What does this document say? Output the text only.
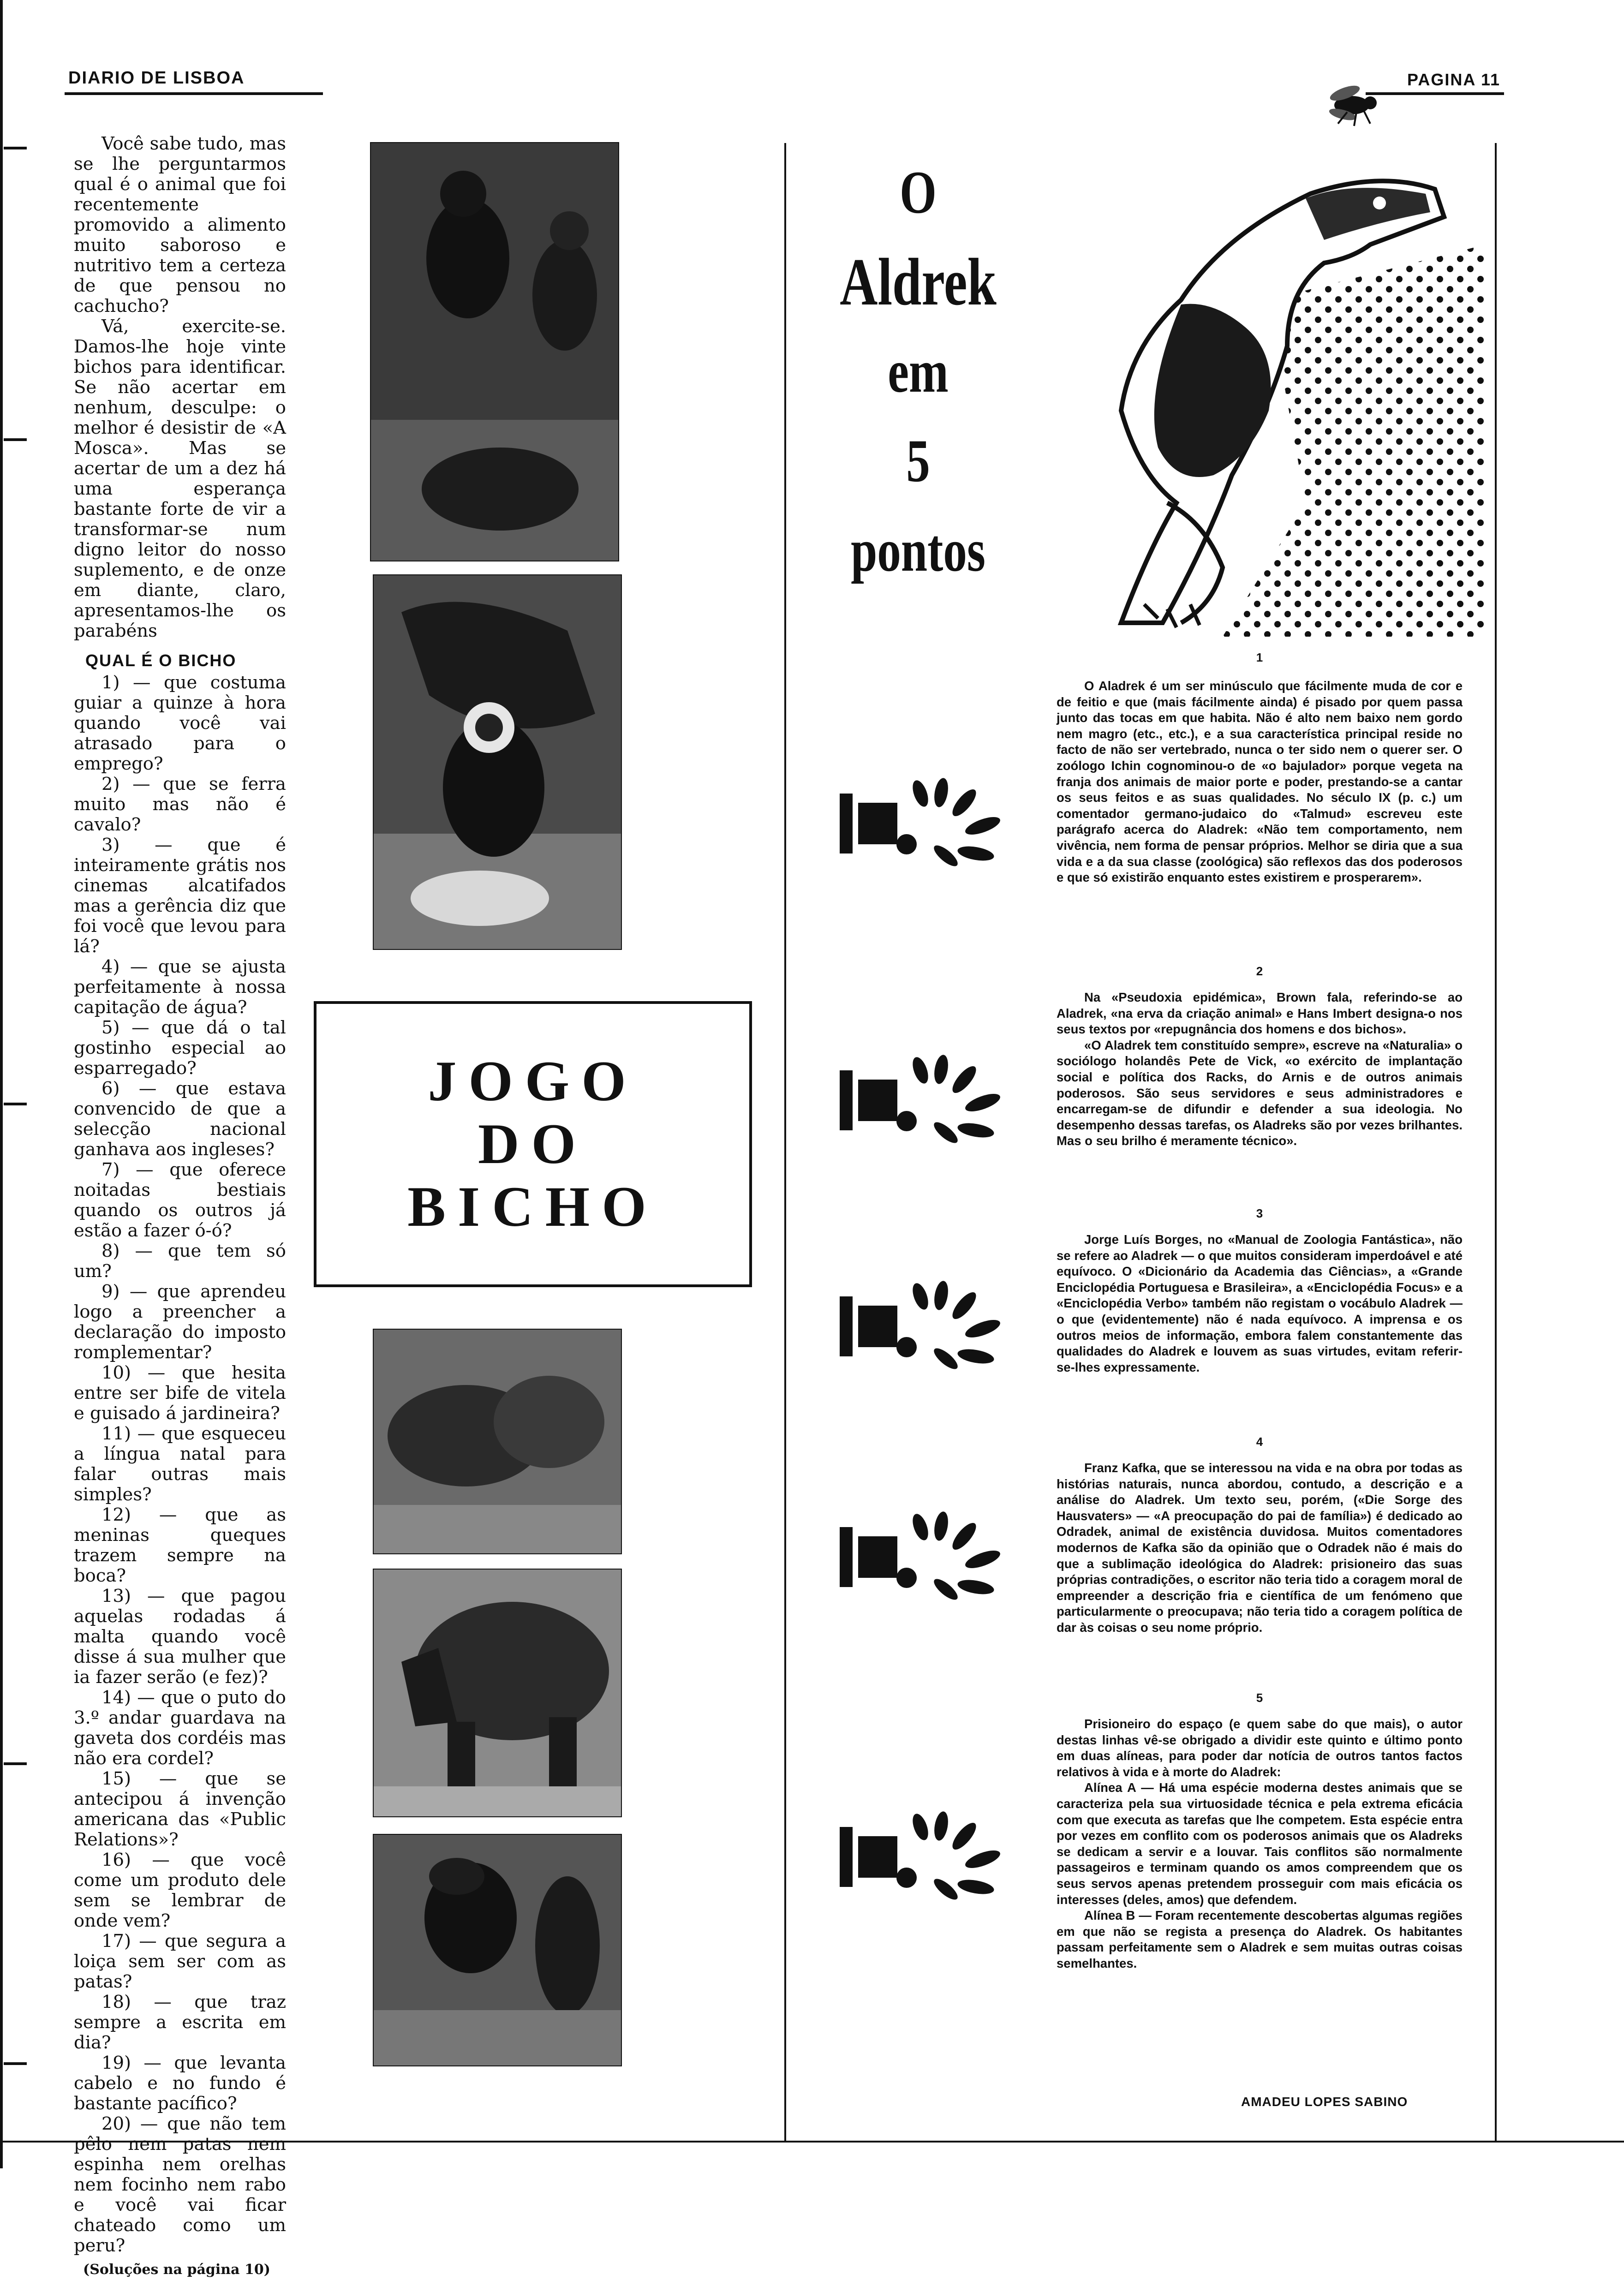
DIARIO DE LISBOA	PAGINA 11

Você sabe tudo, mas se lhe perguntarmos qual é o animal que foi recentemente promovido a alimento muito saboroso e nutritivo tem a certeza de que pensou no cachucho?

Vá, exercite-se. Damos-lhe hoje vinte bichos para identificar. Se não acertar em nenhum, desculpe: o melhor é desistir de «A Mosca». Mas se acertar de um a dez há uma esperança bastante forte de vir a transformar-se num digno leitor do nosso suplemento, e de onze em diante, claro, apresentamos-lhe os parabéns

QUAL É O BICHO
1) — que costuma guiar a quinze à hora quando você vai atrasado para o emprego?
2) — que se ferra muito mas não é cavalo?
3) — que é inteiramente grátis nos cinemas alcatifados mas a gerência diz que foi você que levou para lá?
4) — que se ajusta perfeitamente à nossa capitação de água?
5) — que dá o tal gostinho especial ao esparregado?
6) — que estava convencido de que a selecção nacional ganhava aos ingleses?
7) — que oferece noitadas bestiais quando os outros já estão a fazer ó-ó?
8) — que tem só um?
9) — que aprendeu logo a preencher a declaração do imposto romplementar?
10) — que hesita entre ser bife de vitela e guisado á jardineira?
11) — que esqueceu a língua natal para falar outras mais simples?
12) — que as meninas queques trazem sempre na boca?
13) — que pagou aquelas rodadas á malta quando você disse á sua mulher que ia fazer serão (e fez)?
14) — que o puto do 3.º andar guardava na gaveta dos cordéis mas não era cordel?
15) — que se antecipou á invenção americana das «Public Relations»?
16) — que você come um produto dele sem se lembrar de onde vem?
17) — que segura a loiça sem ser com as patas?
18) — que traz sempre a escrita em dia?
19) — que levanta cabelo e no fundo é bastante pacífico?
20) — que não tem pêlo nem patas nem espinha nem orelhas nem focinho nem rabo e você vai ficar chateado como um peru?
(Soluções na página 10)
JOGO
DO
BICHO
O
Aldrek
em
5
pontos
1

O Aladrek é um ser minúsculo que fácilmente muda de cor e de feitio e que (mais fácilmente ainda) é pisado por quem passa junto das tocas em que habita. Não é alto nem baixo nem gordo nem magro (etc., etc.), e a sua característica principal reside no facto de não ser vertebrado, nunca o ter sido nem o querer ser. O zoólogo Ichin cognominou-o de «o bajulador» porque vegeta na franja dos animais de maior porte e poder, prestando-se a cantar os seus feitos e as suas qualidades. No século IX (p. c.) um comentador germano-judaico do «Talmud» escreveu este parágrafo acerca do Aladrek: «Não tem comportamento, nem vivência, nem forma de pensar próprios. Melhor se diria que a sua vida e a da sua classe (zoológica) são reflexos das dos poderosos e que só existirão enquanto estes existirem e prosperarem».

2

Na «Pseudoxia epidémica», Brown fala, referindo-se ao Aladrek, «na erva da criação animal» e Hans Imbert designa-o nos seus textos por «repugnância dos homens e dos bichos».

«O Aladrek tem constituído sempre», escreve na «Naturalia» o sociólogo holandês Pete de Vick, «o exército de implantação social e política dos Racks, do Arnis e de outros animais poderosos. São seus servidores e seus administradores e encarregam-se de difundir e defender a sua ideologia. No desempenho dessas tarefas, os Aladreks são por vezes brilhantes. Mas o seu brilho é meramente técnico».

3

Jorge Luís Borges, no «Manual de Zoologia Fantástica», não se refere ao Aladrek — o que muitos consideram imperdoável e até equívoco. O «Dicionário da Academia das Ciências», a «Grande Enciclopédia Portuguesa e Brasileira», a «Enciclopédia Focus» e a «Enciclopédia Verbo» também não registam o vocábulo Aladrek — o que (evidentemente) não é nada equívoco. A imprensa e os outros meios de informação, embora falem constantemente das qualidades do Aladrek e louvem as suas virtudes, evitam referir-se-lhes expressamente.

4

Franz Kafka, que se interessou na vida e na obra por todas as histórias naturais, nunca abordou, contudo, a descrição e a análise do Aladrek. Um texto seu, porém, («Die Sorge des Hausvaters» — «A preocupação do pai de família») é dedicado ao Odradek, animal de existência duvidosa. Muitos comentadores modernos de Kafka são da opinião que o Odradek não é mais do que a sublimação ideológica do Aladrek: prisioneiro das suas próprias contradições, o escritor não teria tido a coragem moral de empreender a descrição fria e científica de um fenómeno que particularmente o preocupava; não teria tido a coragem política de dar às coisas o seu nome próprio.

5

Prisioneiro do espaço (e quem sabe do que mais), o autor destas linhas vê-se obrigado a dividir este quinto e último ponto em duas alíneas, para poder dar notícia de outros tantos factos relativos à vida e à morte do Aladrek:

Alínea A — Há uma espécie moderna destes animais que se caracteriza pela sua virtuosidade técnica e pela extrema eficácia com que executa as tarefas que lhe competem. Esta espécie entra por vezes em conflito com os poderosos animais que os Aladreks se dedicam a servir e a louvar. Tais conflitos são normalmente passageiros e terminam quando os amos compreendem que os seus servos apenas pretendem prosseguir com mais eficácia os interesses (deles, amos) que defendem.

Alínea B — Foram recentemente descobertas algumas regiões em que não se regista a presença do Aladrek. Os habitantes passam perfeitamente sem o Aladrek e sem muitas outras coisas semelhantes.

AMADEU LOPES SABINO
